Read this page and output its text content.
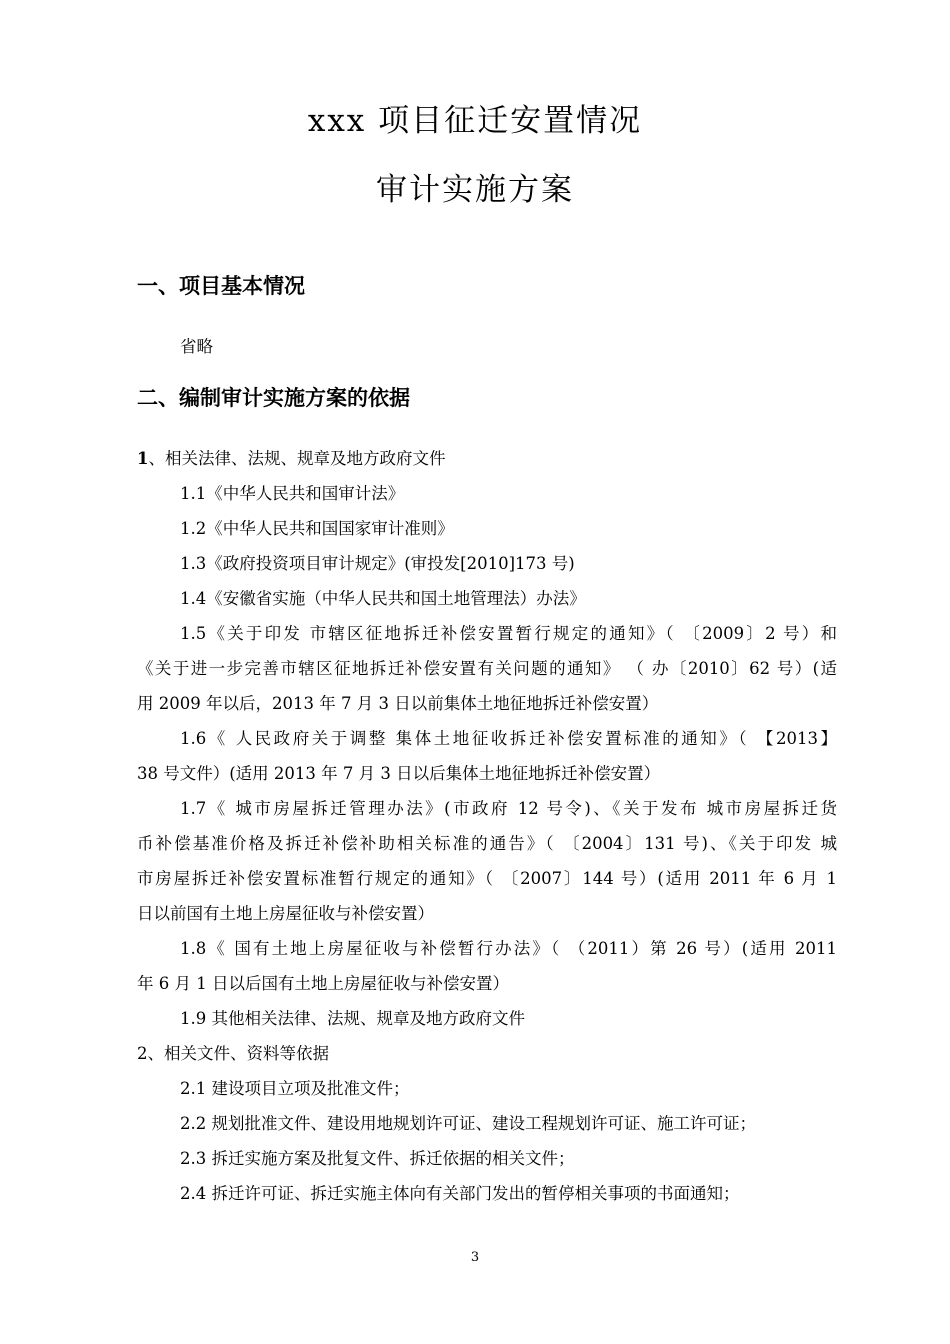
xxx 项目征迁安置情况
审计实施方案
一、项目基本情况
省略
二、编制审计实施方案的依据
1、相关法律、法规、规章及地方政府文件
1.1《中华人民共和国审计法》
1.2《中华人民共和国国家审计准则》
1.3《政府投资项目审计规定》(审投发[2010]173 号)
1.4《安徽省实施（中华人民共和国土地管理法）办法》
1.5《关于印发 市辖区征地拆迁补偿安置暂行规定的通知》（ 〔2009〕2 号）和
《关于进一步完善市辖区征地拆迁补偿安置有关问题的通知》 （ 办〔2010〕62 号）(适
用 2009 年以后，2013 年 7 月 3 日以前集体土地征地拆迁补偿安置）
1.6《 人民政府关于调整 集体土地征收拆迁补偿安置标准的通知》（ 【2013】
38 号文件）(适用 2013 年 7 月 3 日以后集体土地征地拆迁补偿安置）
1.7《 城市房屋拆迁管理办法》(市政府 12 号令)、《关于发布 城市房屋拆迁货
币补偿基准价格及拆迁补偿补助相关标准的通告》（ 〔2004〕131 号)、《关于印发 城
市房屋拆迁补偿安置标准暂行规定的通知》（ 〔2007〕144 号）(适用 2011 年 6 月 1
日以前国有土地上房屋征收与补偿安置）
1.8《 国有土地上房屋征收与补偿暂行办法》（ （2011）第 26 号）(适用 2011
年 6 月 1 日以后国有土地上房屋征收与补偿安置）
1.9 其他相关法律、法规、规章及地方政府文件
2、相关文件、资料等依据
2.1 建设项目立项及批准文件；
2.2 规划批准文件、建设用地规划许可证、建设工程规划许可证、施工许可证；
2.3 拆迁实施方案及批复文件、拆迁依据的相关文件；
2.4 拆迁许可证、拆迁实施主体向有关部门发出的暂停相关事项的书面通知；
3
